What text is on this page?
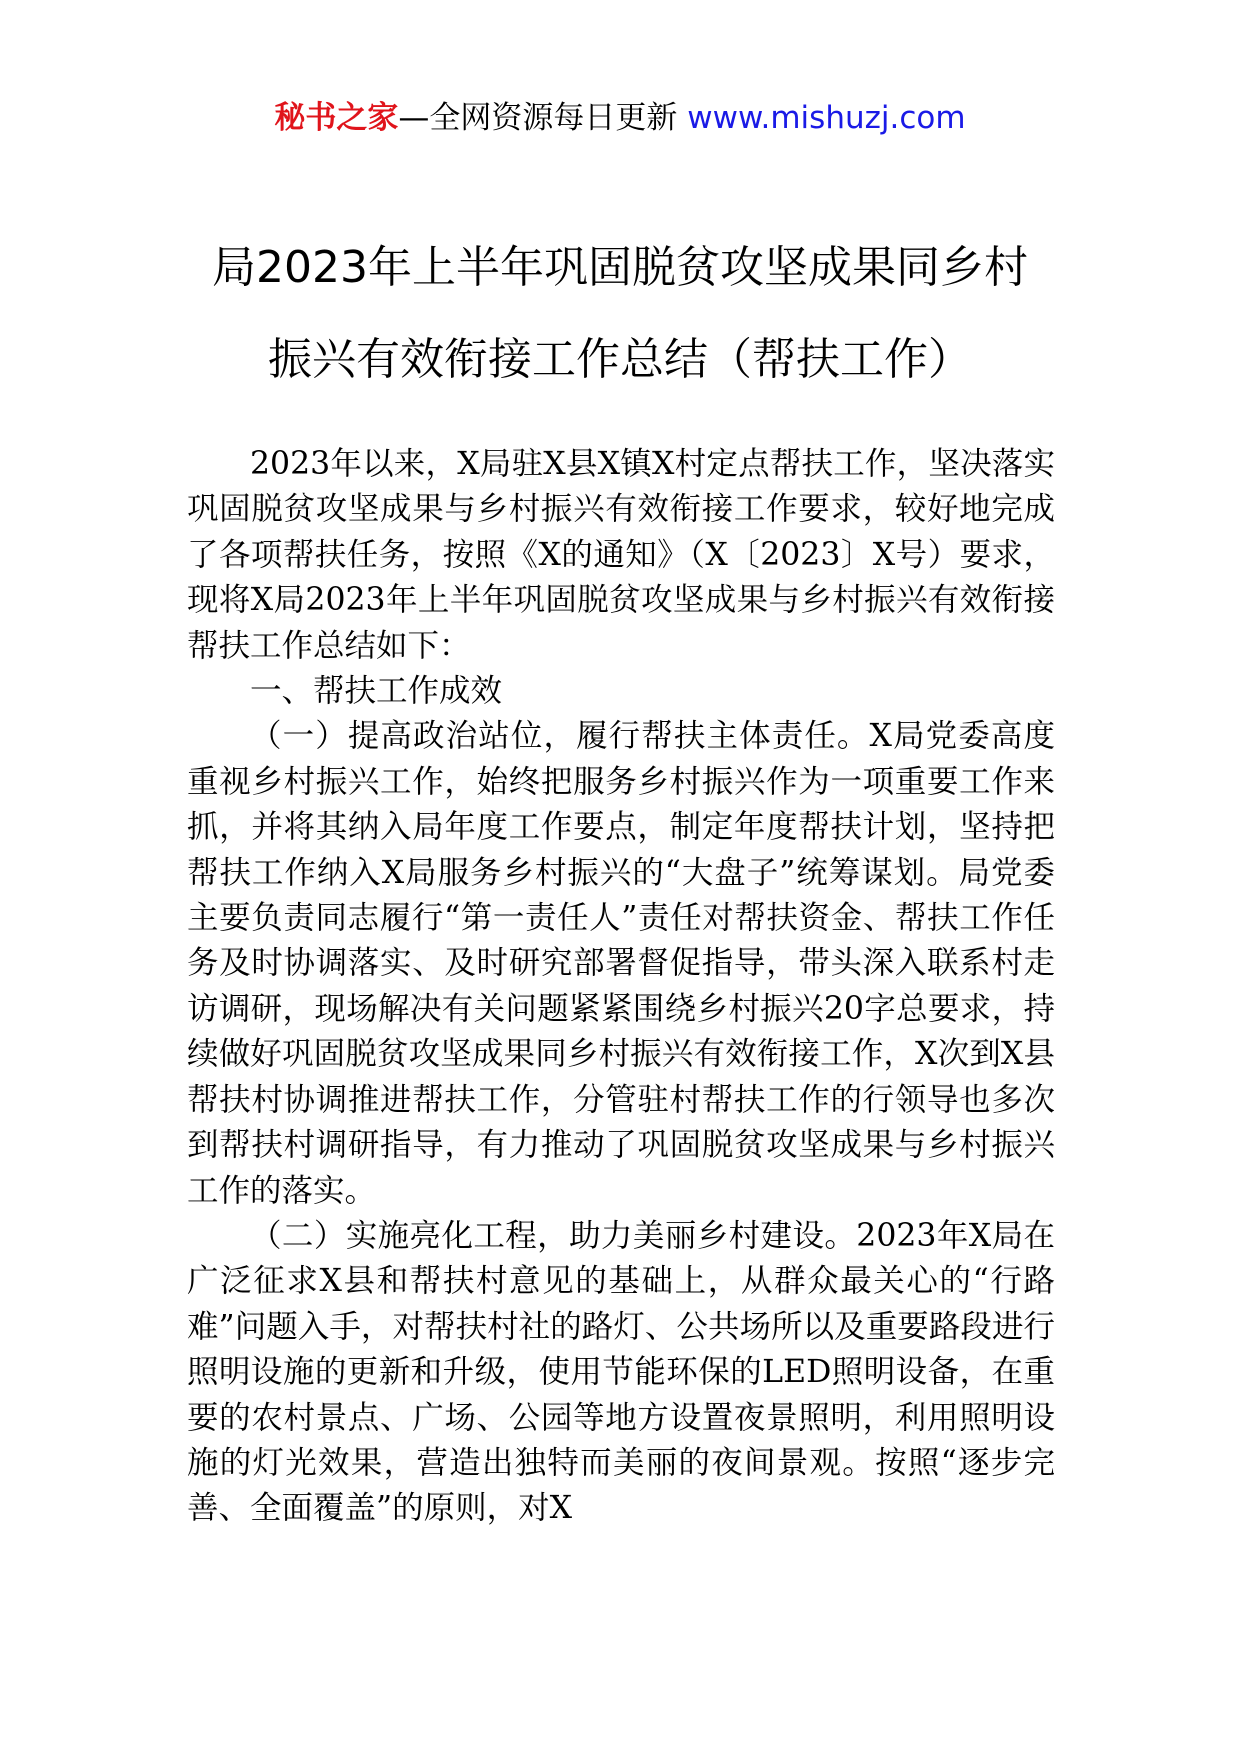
秘书之家—全网资源每日更新 www.mishuzj.com
局2023年上半年巩固脱贫攻坚成果同乡村
振兴有效衔接工作总结（帮扶工作）

2023年以来，X局驻X县X镇X村定点帮扶工作，坚决落实巩固脱贫攻坚成果与乡村振兴有效衔接工作要求，较好地完成了各项帮扶任务，按照《X的通知》（X〔2023〕X号）要求，现将X局2023年上半年巩固脱贫攻坚成果与乡村振兴有效衔接帮扶工作总结如下：

一、帮扶工作成效

（一）提高政治站位，履行帮扶主体责任。X局党委高度重视乡村振兴工作，始终把服务乡村振兴作为一项重要工作来抓，并将其纳入局年度工作要点，制定年度帮扶计划，坚持把帮扶工作纳入X局服务乡村振兴的“大盘子”统筹谋划。局党委主要负责同志履行“第一责任人”责任对帮扶资金、帮扶工作任务及时协调落实、及时研究部署督促指导，带头深入联系村走访调研，现场解决有关问题紧紧围绕乡村振兴20字总要求，持续做好巩固脱贫攻坚成果同乡村振兴有效衔接工作，X次到X县帮扶村协调推进帮扶工作，分管驻村帮扶工作的行领导也多次到帮扶村调研指导，有力推动了巩固脱贫攻坚成果与乡村振兴工作的落实。

（二）实施亮化工程，助力美丽乡村建设。2023年X局在广泛征求X县和帮扶村意见的基础上，从群众最关心的“行路难”问题入手，对帮扶村社的路灯、公共场所以及重要路段进行照明设施的更新和升级，使用节能环保的LED照明设备，在重要的农村景点、广场、公园等地方设置夜景照明，利用照明设施的灯光效果，营造出独特而美丽的夜间景观。按照“逐步完善、全面覆盖”的原则，对X
